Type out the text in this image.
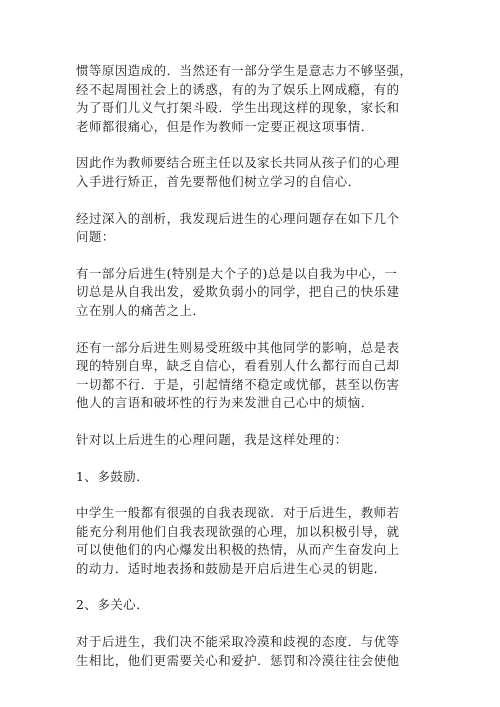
惯等原因造成的．当然还有一部分学生是意志力不够坚强，
经不起周围社会上的诱惑，有的为了娱乐上网成瘾，有的
为了哥们儿义气打架斗殴．学生出现这样的现象，家长和
老师都很痛心，但是作为教师一定要正视这项事情．
因此作为教师要结合班主任以及家长共同从孩子们的心理
入手进行矫正，首先要帮他们树立学习的自信心．
经过深入的剖析，我发现后进生的心理问题存在如下几个
问题：
有一部分后进生(特别是大个子的)总是以自我为中心，一
切总是从自我出发，爱欺负弱小的同学，把自己的快乐建
立在别人的痛苦之上．
还有一部分后进生则易受班级中其他同学的影响，总是表
现的特别自卑，缺乏自信心，看看别人什么都行而自己却
一切都不行．于是，引起情绪不稳定或忧郁，甚至以伤害
他人的言语和破坏性的行为来发泄自己心中的烦恼．
针对以上后进生的心理问题，我是这样处理的：
1、多鼓励．
中学生一般都有很强的自我表现欲．对于后进生，教师若
能充分利用他们自我表现欲强的心理，加以积极引导，就
可以使他们的内心爆发出积极的热情，从而产生奋发向上
的动力．适时地表扬和鼓励是开启后进生心灵的钥匙．
2、多关心．
对于后进生，我们决不能采取冷漠和歧视的态度．与优等
生相比，他们更需要关心和爱护．惩罚和冷漠往往会使他
